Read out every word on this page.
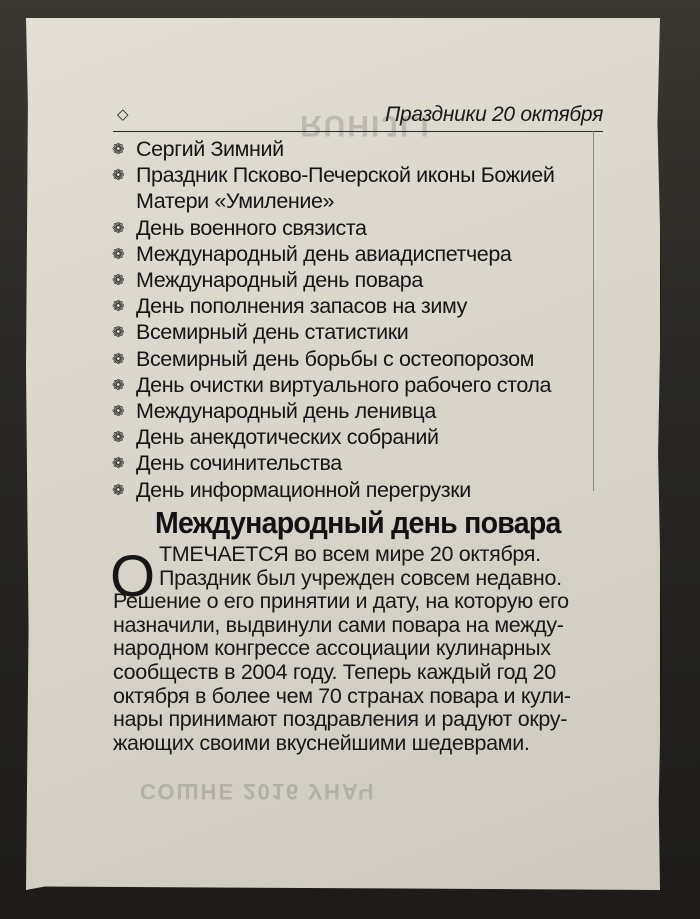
RUHIJLI
СОШНЕ 2016 УНАЧ
◇	Праздники 20 октября
❁ Сергий Зимний
❁ Праздник Псково-Печерской иконы Божией Матери «Умиление»
❁ День военного связиста
❁ Международный день авиадиспетчера
❁ Международный день повара
❁ День пополнения запасов на зиму
❁ Всемирный день статистики
❁ Всемирный день борьбы с остеопорозом
❁ День очистки виртуального рабочего стола
❁ Международный день ленивца
❁ День анекдотических собраний
❁ День сочинительства
❁ День информационной перегрузки
Международный день повара
О ТМЕЧАЕТСЯ во всем мире 20 октября.
Праздник был учрежден совсем недавно.
Решение о его принятии и дату, на которую его
назначили, выдвинули сами повара на между-
народном конгрессе ассоциации кулинарных
сообществ в 2004 году. Теперь каждый год 20
октября в более чем 70 странах повара и кули-
нары принимают поздравления и радуют окру-
жающих своими вкуснейшими шедеврами.
